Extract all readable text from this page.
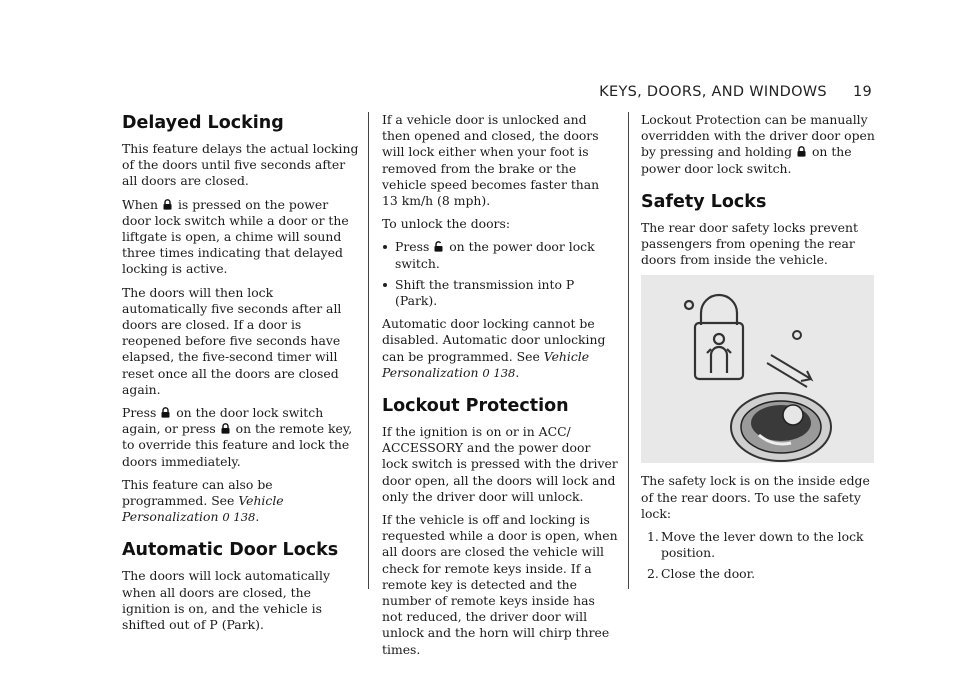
KEYS, DOORS, AND WINDOWS 19
Delayed Locking

This feature delays the actual locking of the doors until five seconds after all doors are closed.

When is pressed on the power door lock switch while a door or the liftgate is open, a chime will sound three times indicating that delayed locking is active.

The doors will then lock automatically five seconds after all doors are closed. If a door is reopened before five seconds have elapsed, the five-second timer will reset once all the doors are closed again.

Press on the door lock switch again, or press on the remote key, to override this feature and lock the doors immediately.

This feature can also be programmed. See Vehicle Personalization 0 138.

Automatic Door Locks

The doors will lock automatically when all doors are closed, the ignition is on, and the vehicle is shifted out of P (Park).

If a vehicle door is unlocked and then opened and closed, the doors will lock either when your foot is removed from the brake or the vehicle speed becomes faster than 13 km/h (8 mph).

To unlock the doors:

Press on the power door lock switch.
Shift the transmission into P (Park).

Automatic door locking cannot be disabled. Automatic door unlocking can be programmed. See Vehicle Personalization 0 138.

Lockout Protection

If the ignition is on or in ACC/ ACCESSORY and the power door lock switch is pressed with the driver door open, all the doors will lock and only the driver door will unlock.

If the vehicle is off and locking is requested while a door is open, when all doors are closed the vehicle will check for remote keys inside. If a remote key is detected and the number of remote keys inside has not reduced, the driver door will unlock and the horn will chirp three times.

Lockout Protection can be manually overridden with the driver door open by pressing and holding on the power door lock switch.

Safety Locks

The rear door safety locks prevent passengers from opening the rear doors from inside the vehicle.

The safety lock is on the inside edge of the rear doors. To use the safety lock:

1. Move the lever down to the lock position.
2. Close the door.
